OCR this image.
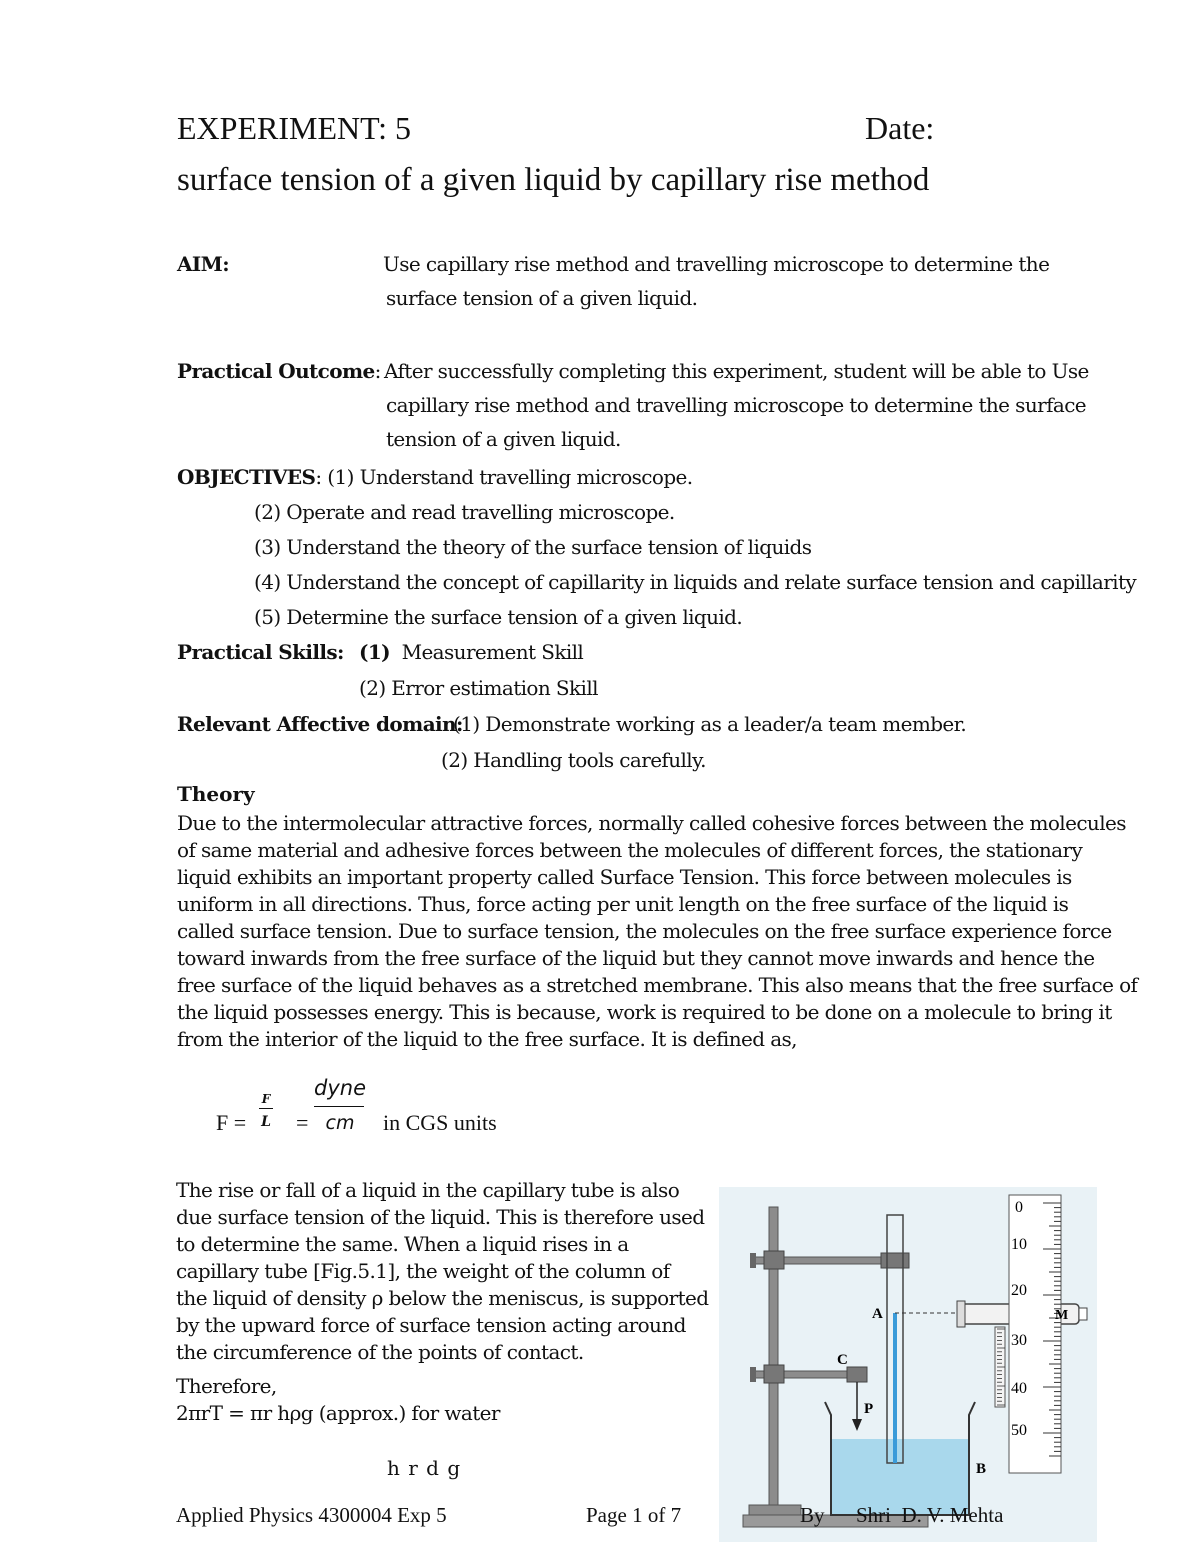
EXPERIMENT: 5	Date:
surface tension of a given liquid by capillary rise method
AIM:	Use capillary rise method and travelling microscope to determine the
surface tension of a given liquid.
Practical Outcome: After successfully completing this experiment, student will be able to Use
capillary rise method and travelling microscope to determine the surface
tension of a given liquid.
OBJECTIVES: (1) Understand travelling microscope.
(2) Operate and read travelling microscope.
(3) Understand the theory of the surface tension of liquids
(4) Understand the concept of capillarity in liquids and relate surface tension and capillarity
(5) Determine the surface tension of a given liquid.
Practical Skills: (1) Measurement Skill
(2) Error estimation Skill
Relevant Affective domain:
(1) Demonstrate working as a leader/a team member.
(2) Handling tools carefully.
Theory
Due to the intermolecular attractive forces, normally called cohesive forces between the molecules
of same material and adhesive forces between the molecules of different forces, the stationary
liquid exhibits an important property called Surface Tension. This force between molecules is
uniform in all directions. Thus, force acting per unit length on the free surface of the liquid is
called surface tension. Due to surface tension, the molecules on the free surface experience force
toward inwards from the free surface of the liquid but they cannot move inwards and hence the
free surface of the liquid behaves as a stretched membrane. This also means that the free surface of
the liquid possesses energy. This is because, work is required to be done on a molecule to bring it
from the interior of the liquid to the free surface. It is defined as,
F =
F
L =
dyne
cm	in CGS units
The rise or fall of a liquid in the capillary tube is also
due surface tension of the liquid. This is therefore used
to determine the same. When a liquid rises in a
capillary tube [Fig.5.1], the weight of the column of
the liquid of density ρ below the meniscus, is supported
by the upward force of surface tension acting around
the circumference of the points of contact.
Therefore,
2πrT = πr hρg (approx.) for water
h r d g
0
10
20
30
40
50
A
B
C
P
M
Applied Physics 4300004 Exp 5	Page 1 of 7	By      Shri  D. V. Mehta
